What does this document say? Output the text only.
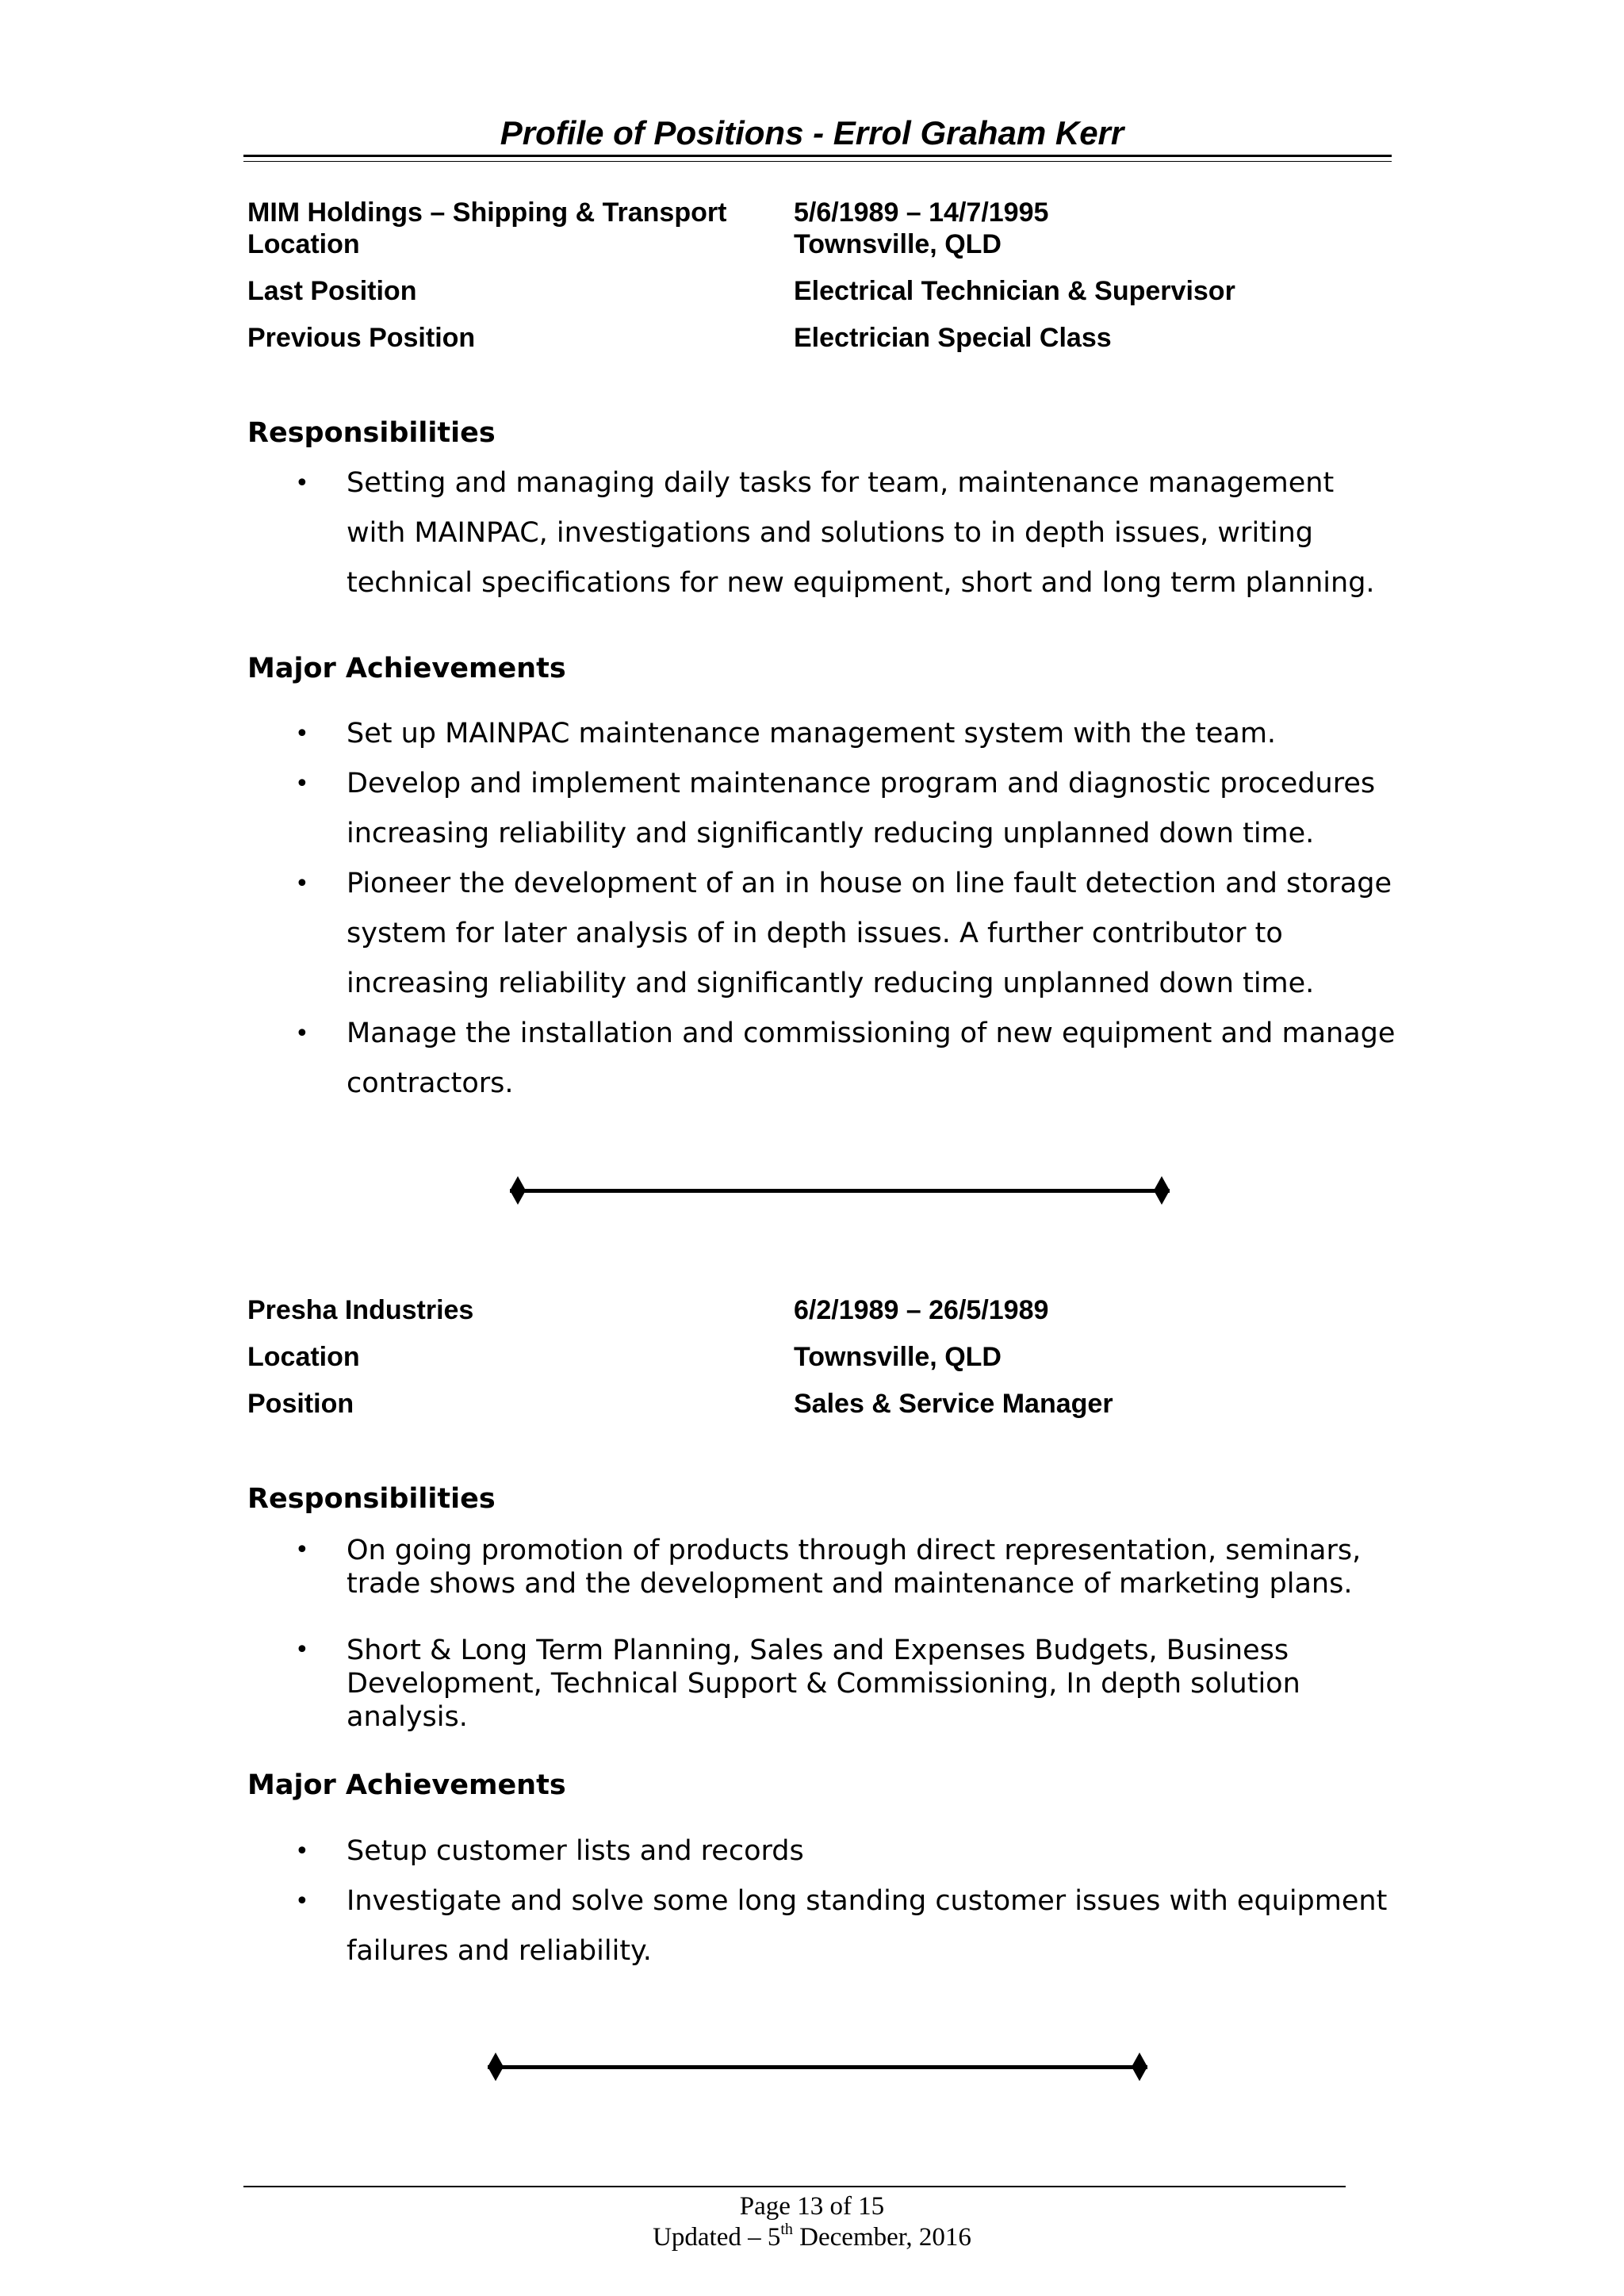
Profile of Positions - Errol Graham Kerr
MIM Holdings – Shipping & Transport 5/6/1989 – 14/7/1995
Location	Townsville, QLD
Last Position	Electrical Technician & Supervisor
Previous Position	Electrician Special Class
Responsibilities
• Setting and managing daily tasks for team, maintenance management
with MAINPAC, investigations and solutions to in depth issues, writing
technical specifications for new equipment, short and long term planning.
Major Achievements
• Set up MAINPAC maintenance management system with the team.
• Develop and implement maintenance program and diagnostic procedures
increasing reliability and significantly reducing unplanned down time.
• Pioneer the development of an in house on line fault detection and storage
system for later analysis of in depth issues. A further contributor to
increasing reliability and significantly reducing unplanned down time.
• Manage the installation and commissioning of new equipment and manage
contractors.
Presha Industries	6/2/1989 – 26/5/1989
Location	Townsville, QLD
Position	Sales & Service Manager
Responsibilities
• On going promotion of products through direct representation, seminars,
trade shows and the development and maintenance of marketing plans.
• Short & Long Term Planning, Sales and Expenses Budgets, Business
Development, Technical Support & Commissioning, In depth solution
analysis.
Major Achievements
• Setup customer lists and records
• Investigate and solve some long standing customer issues with equipment
failures and reliability.
Page 13 of 15
Updated – 5th December, 2016
